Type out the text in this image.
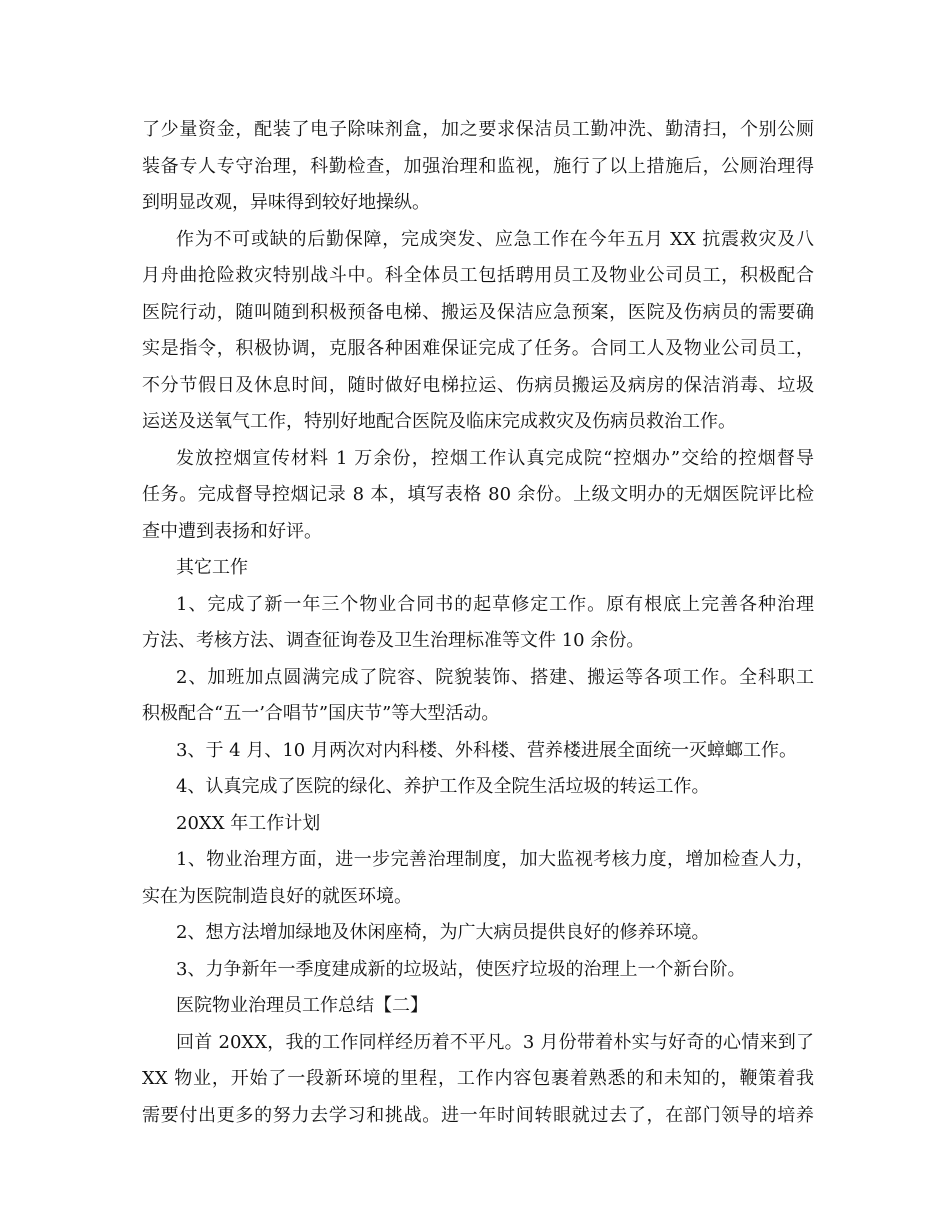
了少量资金，配装了电子除味剂盒，加之要求保洁员工勤冲洗、勤清扫，个别公厕
装备专人专守治理，科勤检查，加强治理和监视，施行了以上措施后，公厕治理得
到明显改观，异味得到较好地操纵。
作为不可或缺的后勤保障，完成突发、应急工作在今年五月 XX 抗震救灾及八
月舟曲抢险救灾特别战斗中。科全体员工包括聘用员工及物业公司员工，积极配合
医院行动，随叫随到积极预备电梯、搬运及保洁应急预案，医院及伤病员的需要确
实是指令，积极协调，克服各种困难保证完成了任务。合同工人及物业公司员工，
不分节假日及休息时间，随时做好电梯拉运、伤病员搬运及病房的保洁消毒、垃圾
运送及送氧气工作，特别好地配合医院及临床完成救灾及伤病员救治工作。
发放控烟宣传材料 1 万余份，控烟工作认真完成院“控烟办”交给的控烟督导
任务。完成督导控烟记录 8 本，填写表格 80 余份。上级文明办的无烟医院评比检
查中遭到表扬和好评。
其它工作
1、完成了新一年三个物业合同书的起草修定工作。原有根底上完善各种治理
方法、考核方法、调查征询卷及卫生治理标准等文件 10 余份。
2、加班加点圆满完成了院容、院貌装饰、搭建、搬运等各项工作。全科职工
积极配合“五一’合唱节”国庆节”等大型活动。
3、于 4 月、10 月两次对内科楼、外科楼、营养楼进展全面统一灭蟑螂工作。
4、认真完成了医院的绿化、养护工作及全院生活垃圾的转运工作。
20XX 年工作计划
1、物业治理方面，进一步完善治理制度，加大监视考核力度，增加检查人力，
实在为医院制造良好的就医环境。
2、想方法增加绿地及休闲座椅，为广大病员提供良好的修养环境。
3、力争新年一季度建成新的垃圾站，使医疗垃圾的治理上一个新台阶。
医院物业治理员工作总结【二】
回首 20XX，我的工作同样经历着不平凡。3 月份带着朴实与好奇的心情来到了
XX 物业，开始了一段新环境的里程，工作内容包裹着熟悉的和未知的，鞭策着我
需要付出更多的努力去学习和挑战。进一年时间转眼就过去了，在部门领导的培养
